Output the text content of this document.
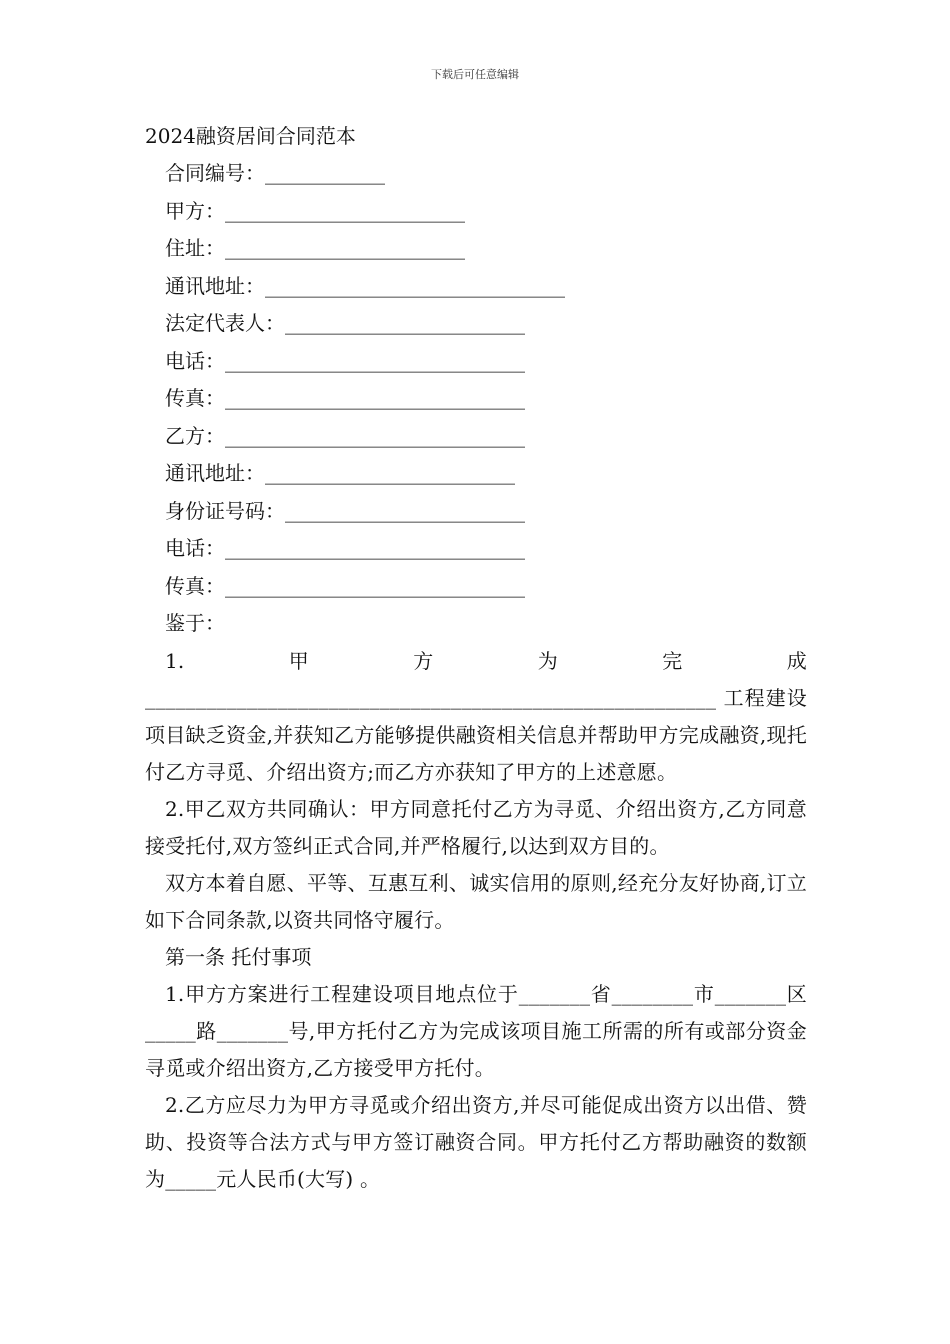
下载后可任意编辑
2024融资居间合同范本
合同编号：____________
甲方：________________________
住址：________________________
通讯地址：______________________________
法定代表人：________________________
电话：______________________________
传真：______________________________
乙方：______________________________
通讯地址：_________________________
身份证号码：________________________
电话：______________________________
传真：______________________________
鉴于：

1.甲方为完成________________________________________________________ 工程建设项目缺乏资金,并获知乙方能够提供融资相关信息并帮助甲方完成融资,现托付乙方寻觅、介绍出资方;而乙方亦获知了甲方的上述意愿。

2.甲乙双方共同确认：甲方同意托付乙方为寻觅、介绍出资方,乙方同意接受托付,双方签纠正式合同,并严格履行,以达到双方目的。

双方本着自愿、平等、互惠互利、诚实信用的原则,经充分友好协商,订立如下合同条款,以资共同恪守履行。

第一条 托付事项

1.甲方方案进行工程建设项目地点位于_______省________市_______区_____路_______号,甲方托付乙方为完成该项目施工所需的所有或部分资金寻觅或介绍出资方,乙方接受甲方托付。

2.乙方应尽力为甲方寻觅或介绍出资方,并尽可能促成出资方以出借、赞助、投资等合法方式与甲方签订融资合同。甲方托付乙方帮助融资的数额为_____元人民币(大写) 。
